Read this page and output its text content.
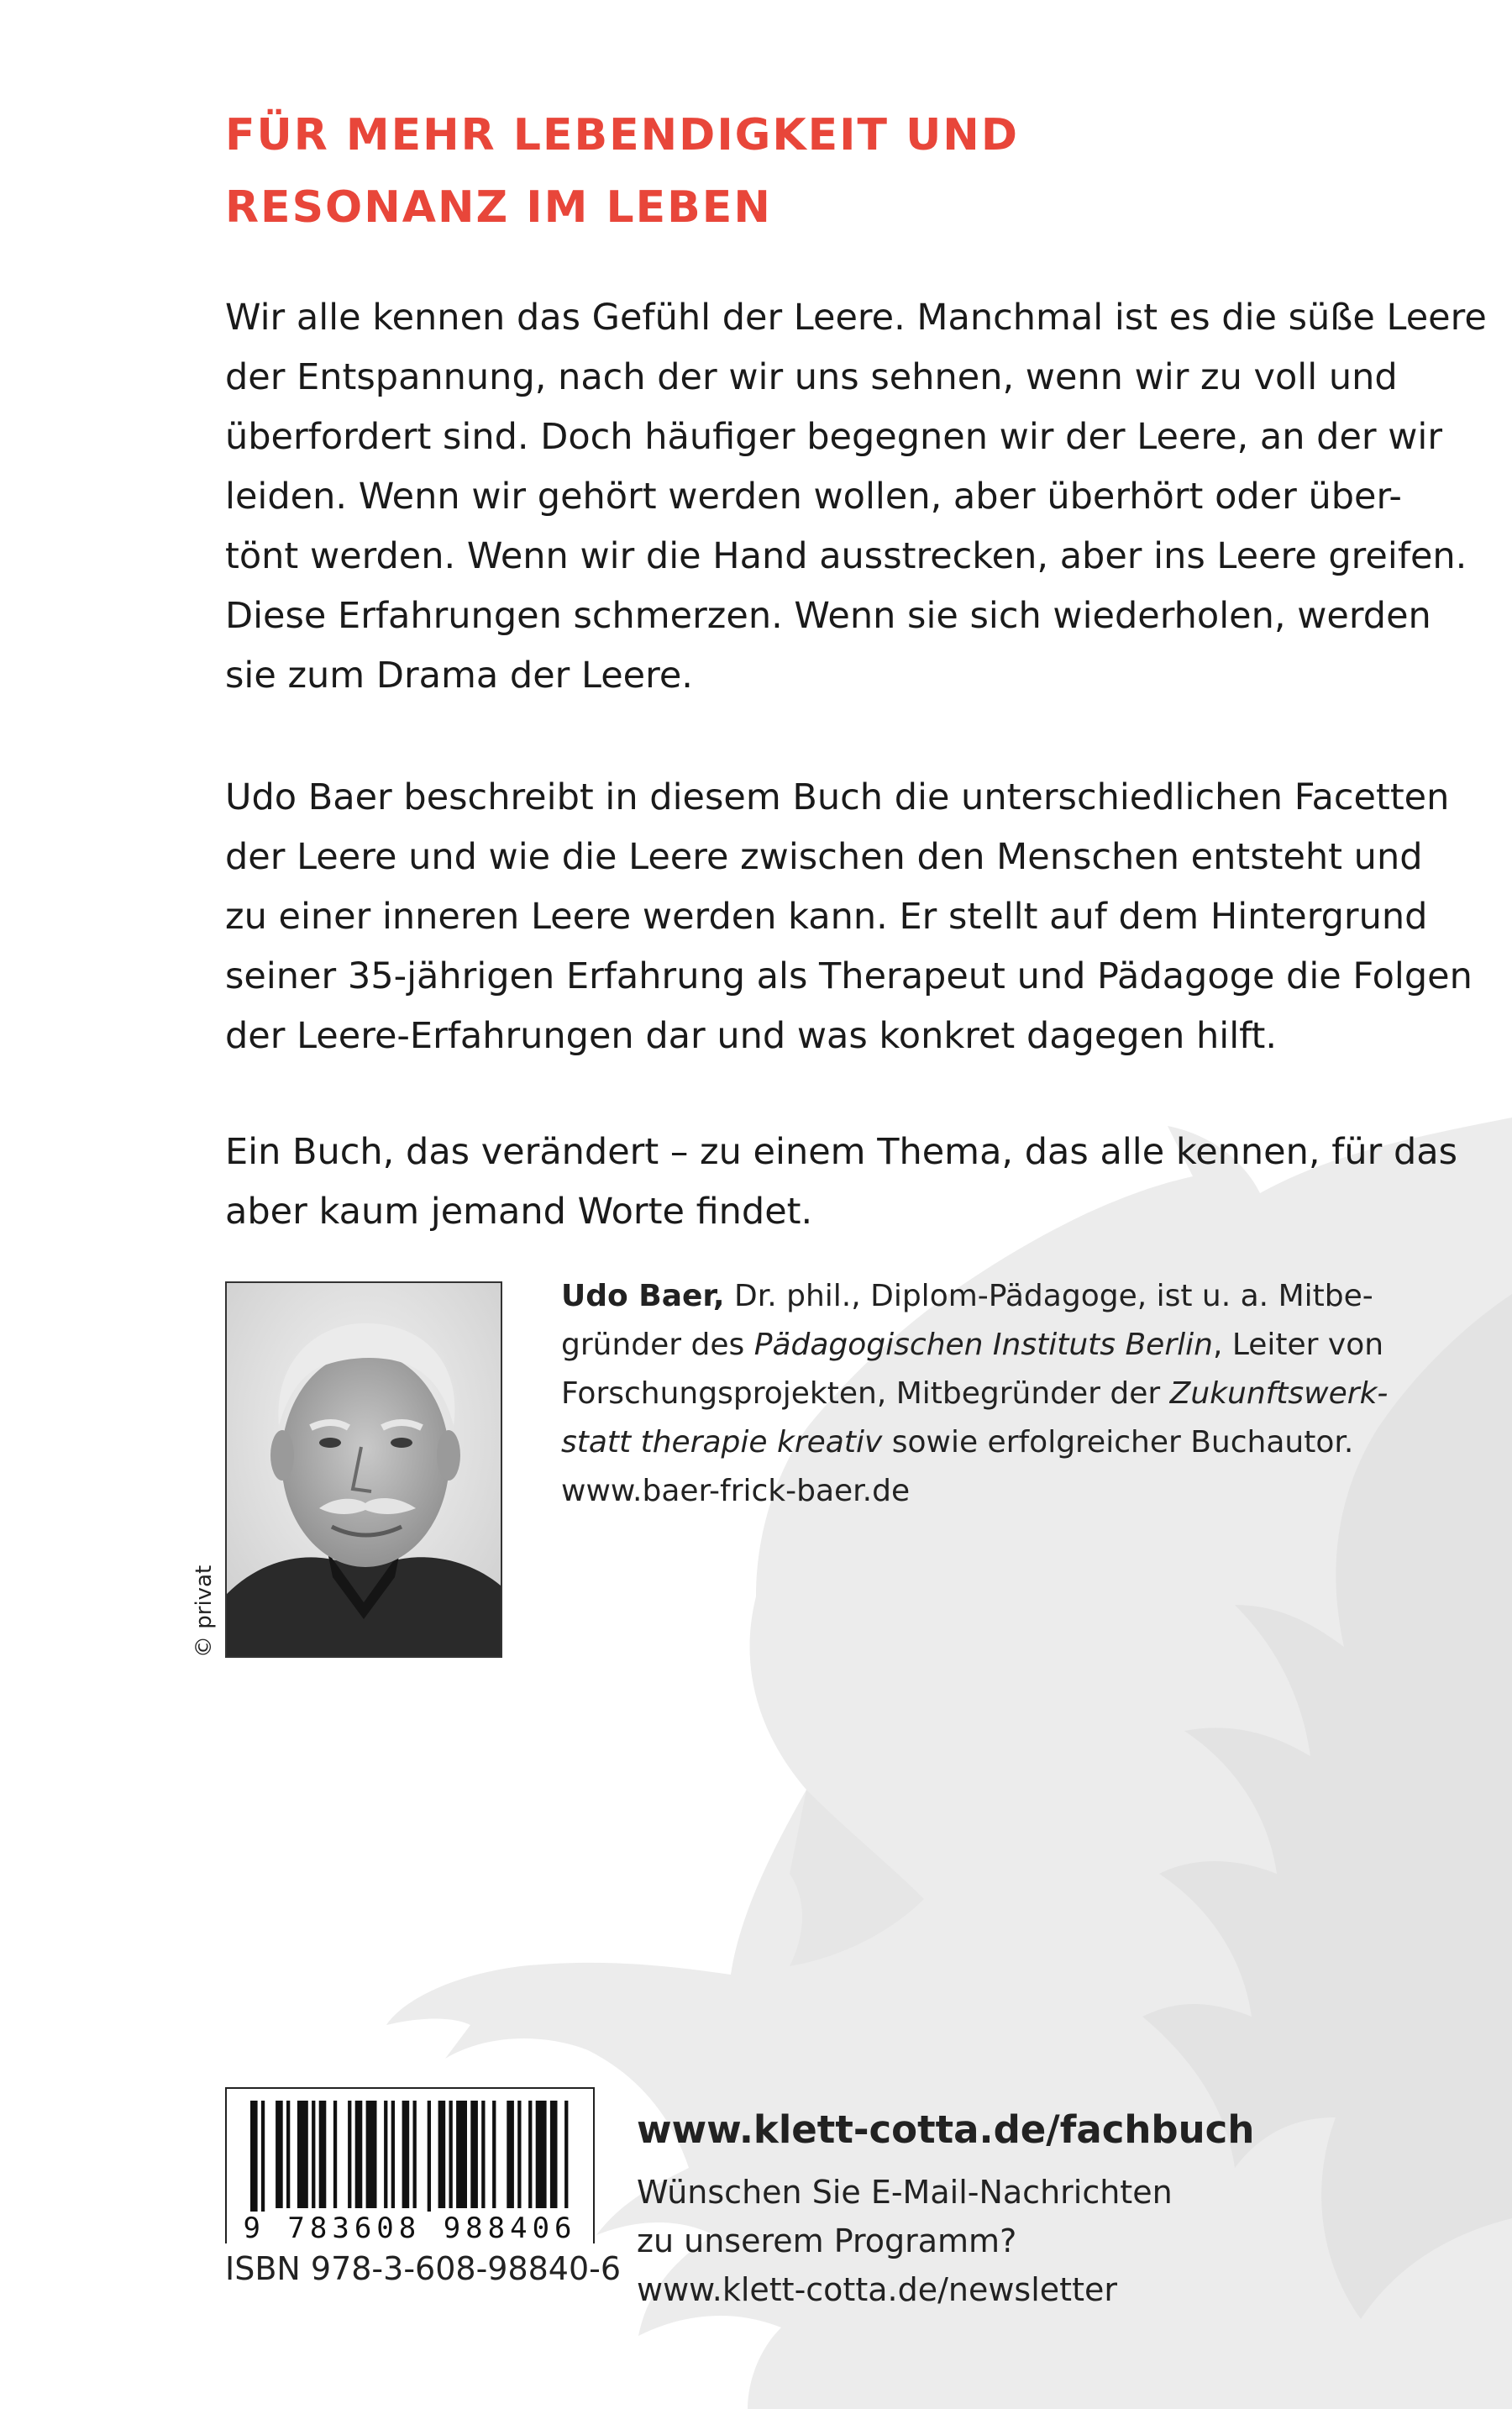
FÜR MEHR LEBENDIGKEIT UND
RESONANZ IM LEBEN

Wir alle kennen das Gefühl der Leere. Manchmal ist es die süße Leere
der Entspannung, nach der wir uns sehnen, wenn wir zu voll und
überfordert sind. Doch häufiger begegnen wir der Leere, an der wir
leiden. Wenn wir gehört werden wollen, aber überhört oder über-
tönt werden. Wenn wir die Hand ausstrecken, aber ins Leere greifen.
Diese Erfahrungen schmerzen. Wenn sie sich wiederholen, werden
sie zum Drama der Leere.

Udo Baer beschreibt in diesem Buch die unterschiedlichen Facetten
der Leere und wie die Leere zwischen den Menschen entsteht und
zu einer inneren Leere werden kann. Er stellt auf dem Hintergrund
seiner 35-jährigen Erfahrung als Therapeut und Pädagoge die Folgen
der Leere-Erfahrungen dar und was konkret dagegen hilft.

Ein Buch, das verändert – zu einem Thema, das alle kennen, für das
aber kaum jemand Worte findet.

© privat

Udo Baer, Dr. phil., Diplom-Pädagoge, ist u. a. Mitbe-
gründer des Pädagogischen Instituts Berlin, Leiter von
Forschungsprojekten, Mitbegründer der Zukunftswerk-
statt therapie kreativ sowie erfolgreicher Buchautor.
www.baer-frick-baer.de

9 783608 988406

ISBN 978-3-608-98840-6

www.klett-cotta.de/fachbuch
Wünschen Sie E-Mail-Nachrichten
zu unserem Programm?
www.klett-cotta.de/newsletter
